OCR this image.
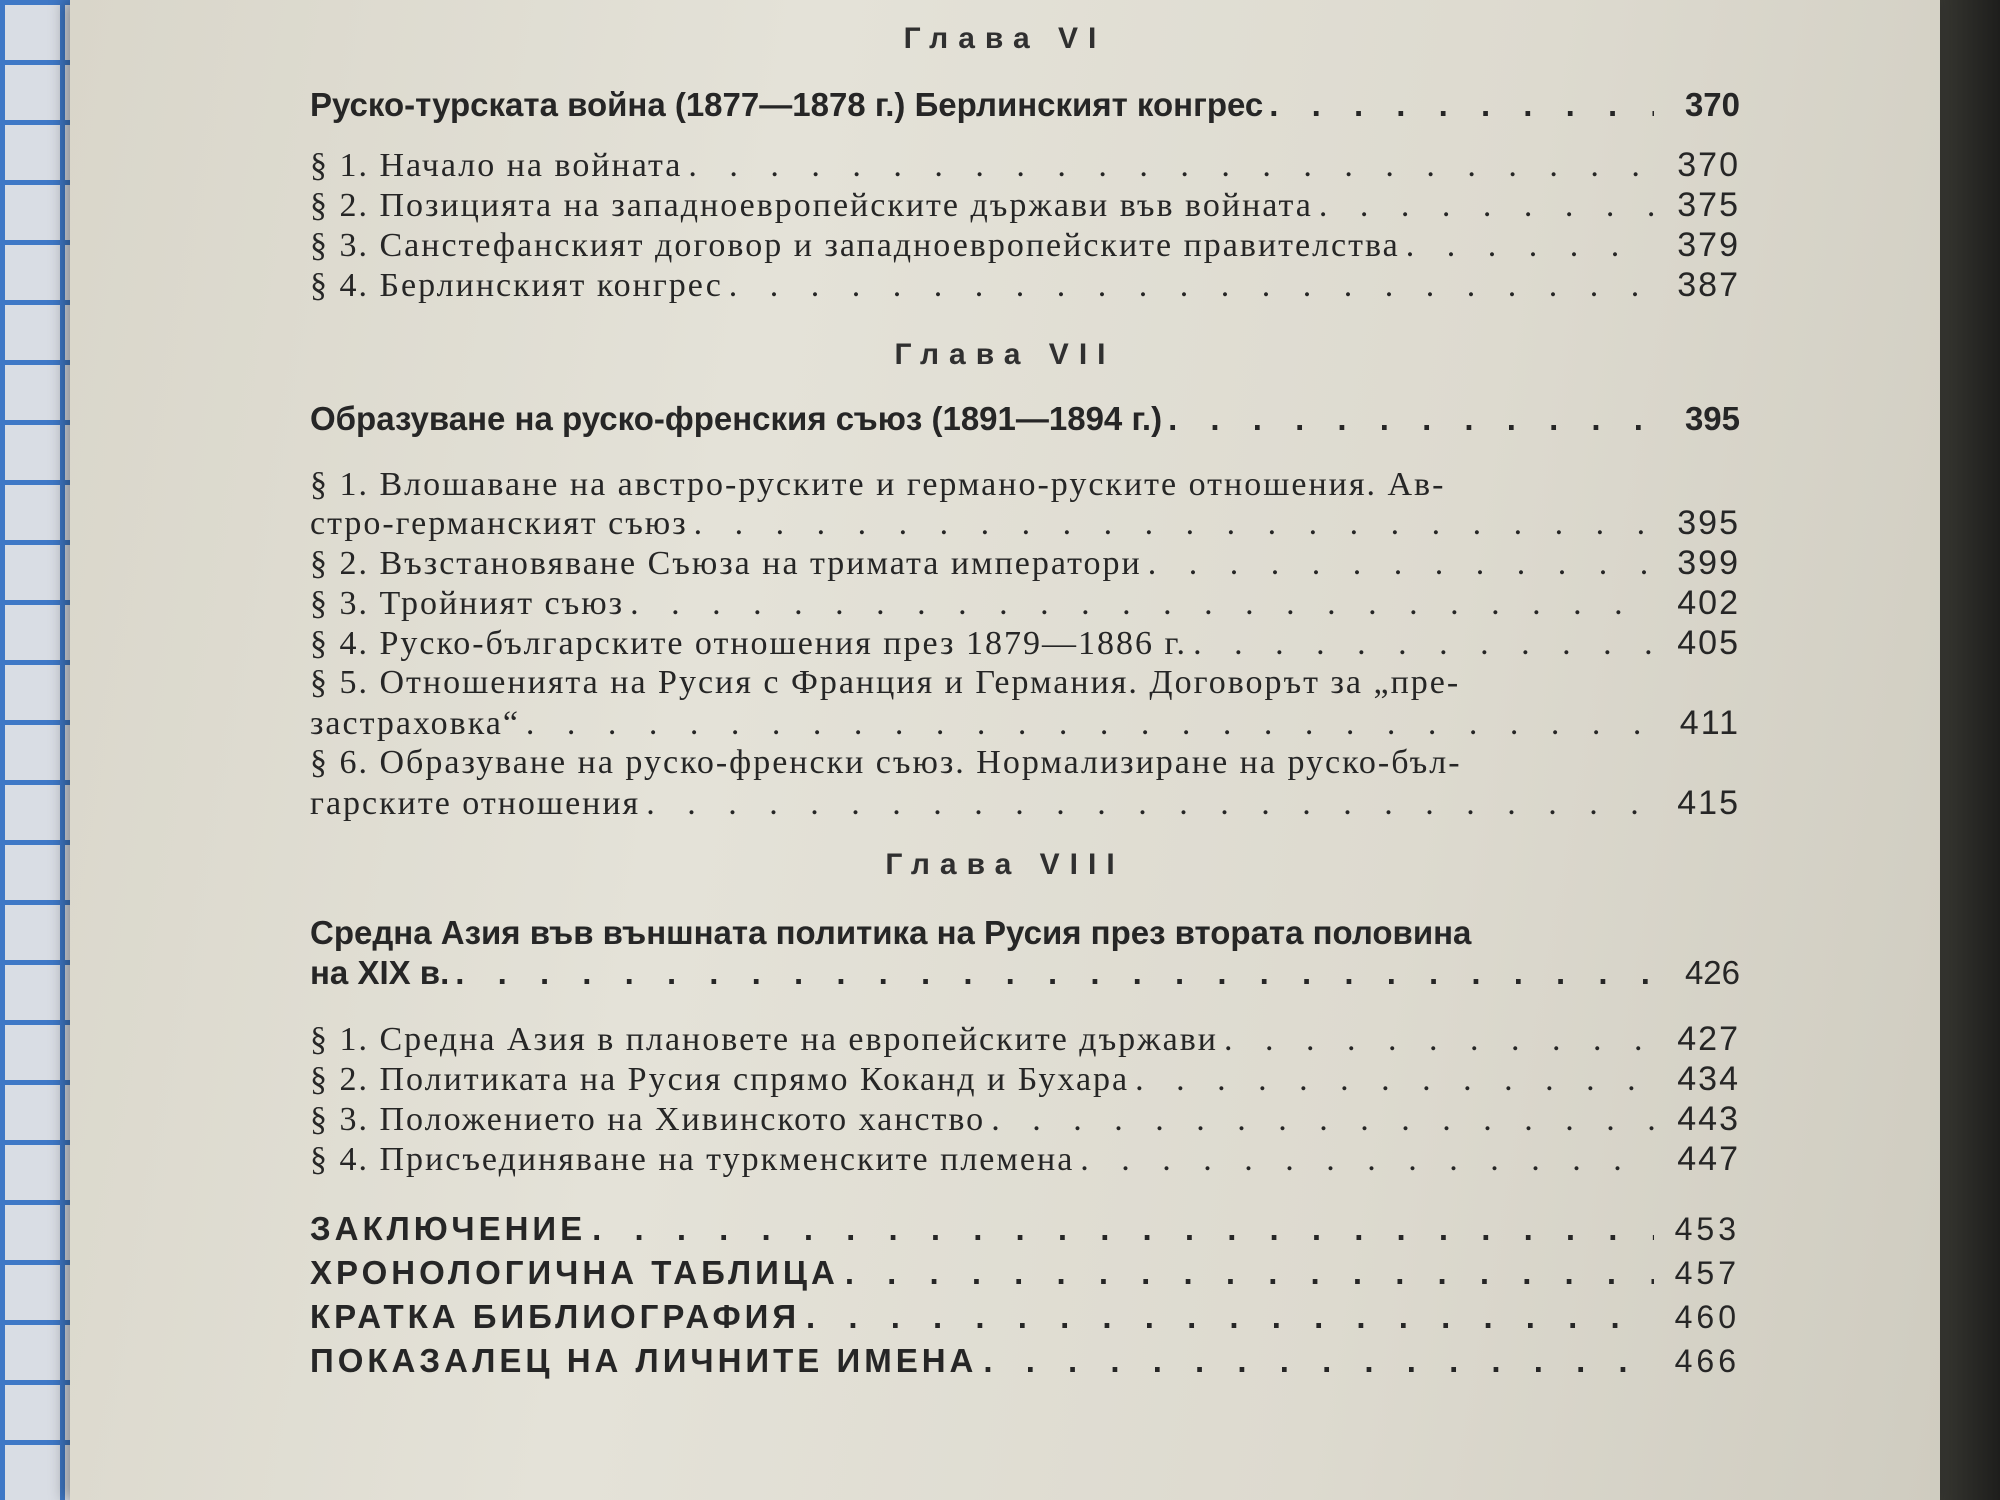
Глава VI
Руско-турската война (1877—1878 г.) Берлинският конгрес . . .	370
§ 1. Начало на войната . . .	370
§ 2. Позицията на западноевропейските държави във войната . . .	375
§ 3. Санстефанският договор и западноевропейските правителства . . .	379
§ 4. Берлинският конгрес . . .	387
Глава VII
Образуване на руско-френския съюз (1891—1894 г.) . . .	395
§ 1. Влошаване на австро-руските и германо-руските отношения. Ав-
стро-германският съюз . . .	395
§ 2. Възстановяване Съюза на тримата императори . . .	399
§ 3. Тройният съюз . . .	402
§ 4. Руско-българските отношения през 1879—1886 г. . . .	405
§ 5. Отношенията на Русия с Франция и Германия. Договорът за „пре-
застраховка“ . . .	411
§ 6. Образуване на руско-френски съюз. Нормализиране на руско-бъл-
гарските отношения . . .	415
Глава VIII
Средна Азия във външната политика на Русия през втората половина
на XIX в. . . .	426
§ 1. Средна Азия в плановете на европейските държави . . .	427
§ 2. Политиката на Русия спрямо Коканд и Бухара . . .	434
§ 3. Положението на Хивинското ханство . . .	443
§ 4. Присъединяване на туркменските племена . . .	447
ЗАКЛЮЧЕНИЕ . . .	453
ХРОНОЛОГИЧНА ТАБЛИЦА . . .	457
КРАТКА БИБЛИОГРАФИЯ . . .	460
ПОКАЗАЛЕЦ НА ЛИЧНИТЕ ИМЕНА . . .	466
